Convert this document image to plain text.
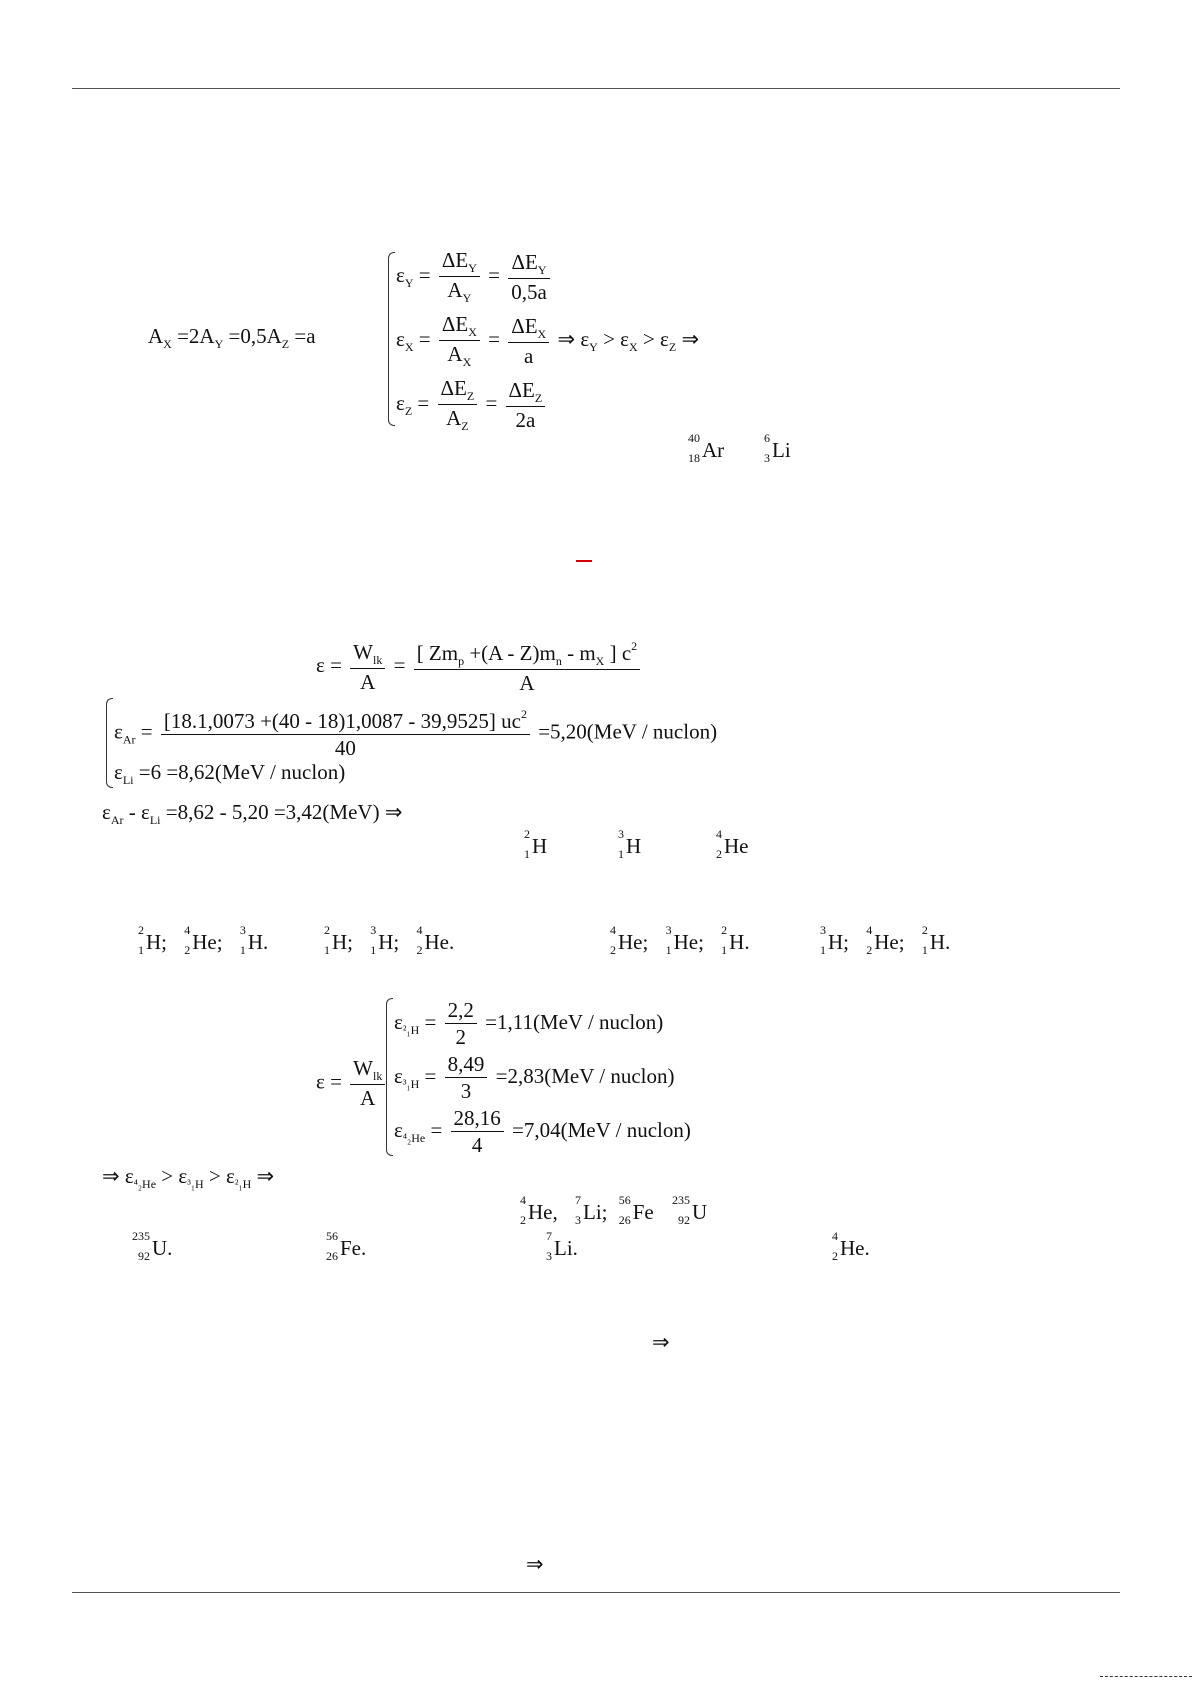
$A_X =2A_Y =0,5A_Z =a$
$\varepsilon_Y = \frac{\Delta E_Y}{A_Y} = \frac{\Delta E_Y}{0,5a}$
$\varepsilon_X = \frac{\Delta E_X}{A_X} = \frac{\Delta E_X}{a}$ ⇒ $\varepsilon_Y > \varepsilon_X > \varepsilon_Z$ ⇒
$\varepsilon_Z = \frac{\Delta E_Z}{A_Z} = \frac{\Delta E_Z}{2a}$
40
18 Ar	6
3 Li
$\varepsilon = \frac{W_{lk}}{A} = \frac{[ Zm_p +(A - Z)m_n - m_X ] c^2}{A}$
$\varepsilon_{Ar} = \frac{[18.1,0073 +(40 - 18)1,0087 - 39,9525] uc^2}{40} =5,20(MeV$ / nuclon)
$\varepsilon_{Li} =6 =8,62(MeV$ / nuclon)
$\varepsilon_{Ar} - \varepsilon_{Li} =8,62 - 5,20 =3,42(MeV)$ ⇒
2
1 H	3
1 H	4
2 He
2
1 H;	4
2 He;	3
1 H.	2
1 H;	3
1 H;	4
2 He.	4
2 He;	3
1 He;	2
1 H.	3
1 H;	4
2 He;	2
1 H.
$\varepsilon = \frac{W_{lk}}{A}$
$\varepsilon_{^2_1H} = \frac{2,2}{2} =1,11(MeV$ / nuclon)
$\varepsilon_{^3_1H} = \frac{8,49}{3} =2,83(MeV$ / nuclon)
$\varepsilon_{^4_2He} = \frac{28,16}{4} =7,04(MeV$ / nuclon)
⇒ $\varepsilon_{^4_2He} > \varepsilon_{^3_1H} > \varepsilon_{^2_1H}$ ⇒
4
2 He,	7
3 Li; 56
26 Fe 235
92 U
235
92 U.	56
26 Fe.	7
3 Li.	4
2 He.
⇒
⇒
